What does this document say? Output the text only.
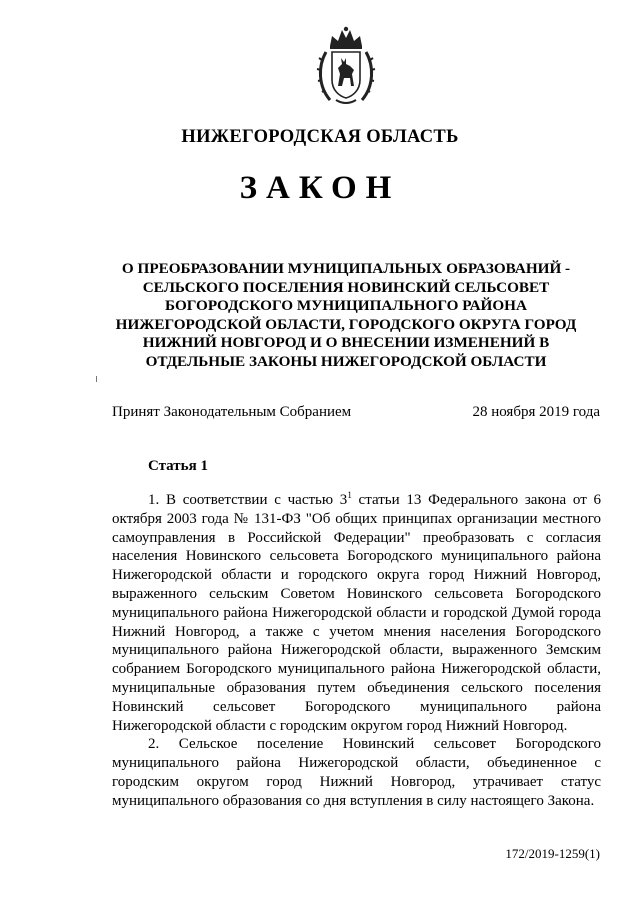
НИЖЕГОРОДСКАЯ ОБЛАСТЬ
ЗАКОН
О ПРЕОБРАЗОВАНИИ МУНИЦИПАЛЬНЫХ ОБРАЗОВАНИЙ -
СЕЛЬСКОГО ПОСЕЛЕНИЯ НОВИНСКИЙ СЕЛЬСОВЕТ
БОГОРОДСКОГО МУНИЦИПАЛЬНОГО РАЙОНА
НИЖЕГОРОДСКОЙ ОБЛАСТИ, ГОРОДСКОГО ОКРУГА ГОРОД
НИЖНИЙ НОВГОРОД И О ВНЕСЕНИИ ИЗМЕНЕНИЙ В
ОТДЕЛЬНЫЕ ЗАКОНЫ НИЖЕГОРОДСКОЙ ОБЛАСТИ
Принят Законодательным Собранием	28 ноября 2019 года
Статья 1

1. В соответствии с частью $3^1$ статьи 13 Федерального закона от 6 октября 2003 года № 131-ФЗ "Об общих принципах организации местного самоуправления в Российской Федерации" преобразовать с согласия населения Новинского сельсовета Богородского муниципального района Нижегородской области и городского округа город Нижний Новгород, выраженного сельским Советом Новинского сельсовета Богородского муниципального района Нижегородской области и городской Думой города Нижний Новгород, а также с учетом мнения населения Богородского муниципального района Нижегородской области, выраженного Земским собранием Богородского муниципального района Нижегородской области, муниципальные образования путем объединения сельского поселения Новинский сельсовет Богородского муниципального района Нижегородской области с городским округом город Нижний Новгород.

2. Сельское поселение Новинский сельсовет Богородского муниципального района Нижегородской области, объединенное с городским округом город Нижний Новгород, утрачивает статус муниципального образования со дня вступления в силу настоящего Закона.

172/2019-1259(1)
